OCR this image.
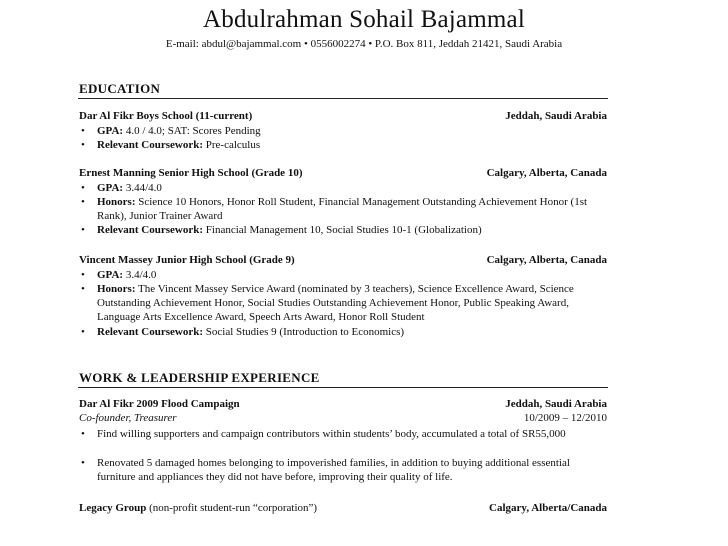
Abdulrahman Sohail Bajammal
E-mail: abdul@bajammal.com • 0556002274 • P.O. Box 811, Jeddah 21421, Saudi Arabia
EDUCATION
Dar Al Fikr Boys School (11-current)	Jeddah, Saudi Arabia
• GPA: 4.0 / 4.0; SAT: Scores Pending
• Relevant Coursework: Pre-calculus
Ernest Manning Senior High School (Grade 10)	Calgary, Alberta, Canada
• GPA: 3.44/4.0
• Honors: Science 10 Honors, Honor Roll Student, Financial Management Outstanding Achievement Honor (1st Rank), Junior Trainer Award
• Relevant Coursework: Financial Management 10, Social Studies 10-1 (Globalization)
Vincent Massey Junior High School (Grade 9)	Calgary, Alberta, Canada
• GPA: 3.4/4.0
• Honors: The Vincent Massey Service Award (nominated by 3 teachers), Science Excellence Award, Science Outstanding Achievement Honor, Social Studies Outstanding Achievement Honor, Public Speaking Award, Language Arts Excellence Award, Speech Arts Award, Honor Roll Student
• Relevant Coursework: Social Studies 9 (Introduction to Economics)
WORK & LEADERSHIP EXPERIENCE
Dar Al Fikr 2009 Flood Campaign	Jeddah, Saudi Arabia
Co-founder, Treasurer	10/2009 – 12/2010
• Find willing supporters and campaign contributors within students’ body, accumulated a total of SR55,000
• Renovated 5 damaged homes belonging to impoverished families, in addition to buying additional essential furniture and appliances they did not have before, improving their quality of life.
Legacy Group (non-profit student-run “corporation”)	Calgary, Alberta/Canada
